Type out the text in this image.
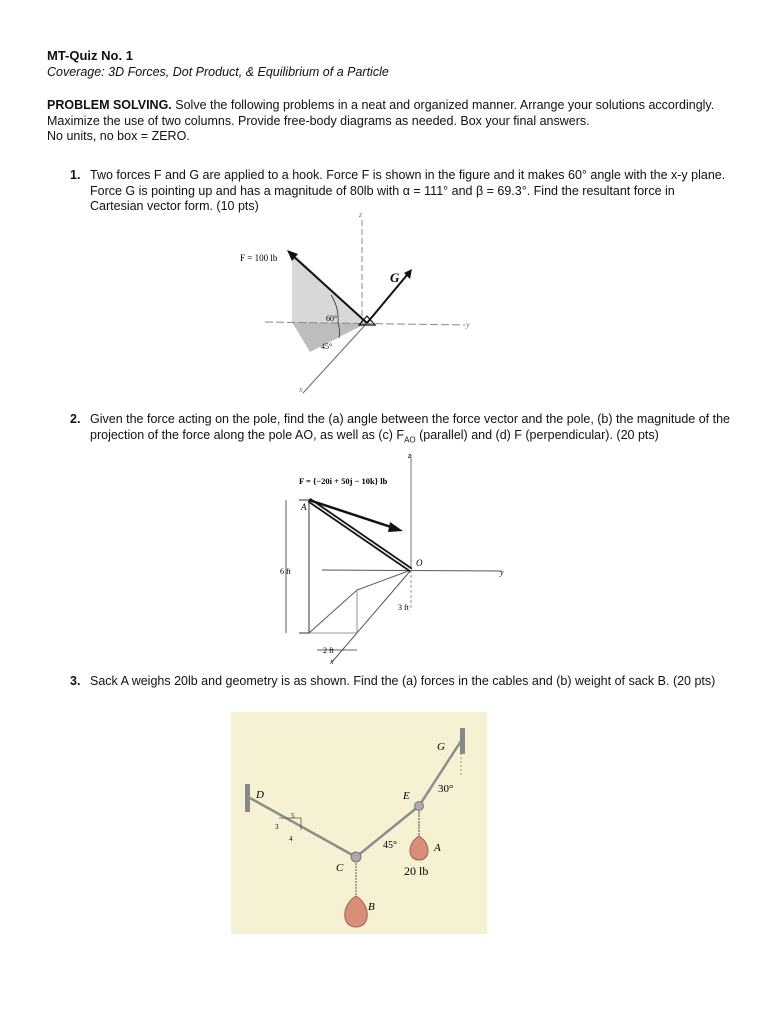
MT-Quiz No. 1
Coverage: 3D Forces, Dot Product, & Equilibrium of a Particle
PROBLEM SOLVING. Solve the following problems in a neat and organized manner. Arrange your solutions accordingly. Maximize the use of two columns. Provide free-body diagrams as needed. Box your final answers.
No units, no box = ZERO.
1. Two forces F and G are applied to a hook. Force F is shown in the figure and it makes 60° angle with the x-y plane. Force G is pointing up and has a magnitude of 80lb with α = 111° and β = 69.3°. Find the resultant force in Cartesian vector form. (10 pts)
F = 100 lb
G
60°
45°
z
y
x
2. Given the force acting on the pole, find the (a) angle between the force vector and the pole, (b) the magnitude of the projection of the force along the pole AO, as well as (c) $F_{AO}$ (parallel) and (d) F (perpendicular). (20 pts)
F = {−20i + 50j − 10k} lb
A
O
z
y
x
6 ft
3 ft
2 ft
3. Sack A weighs 20lb and geometry is as shown. Find the (a) forces in the cables and (b) weight of sack B. (20 pts)
D
G
E
C
A
B
30°
45°
20 lb
3
4
5
